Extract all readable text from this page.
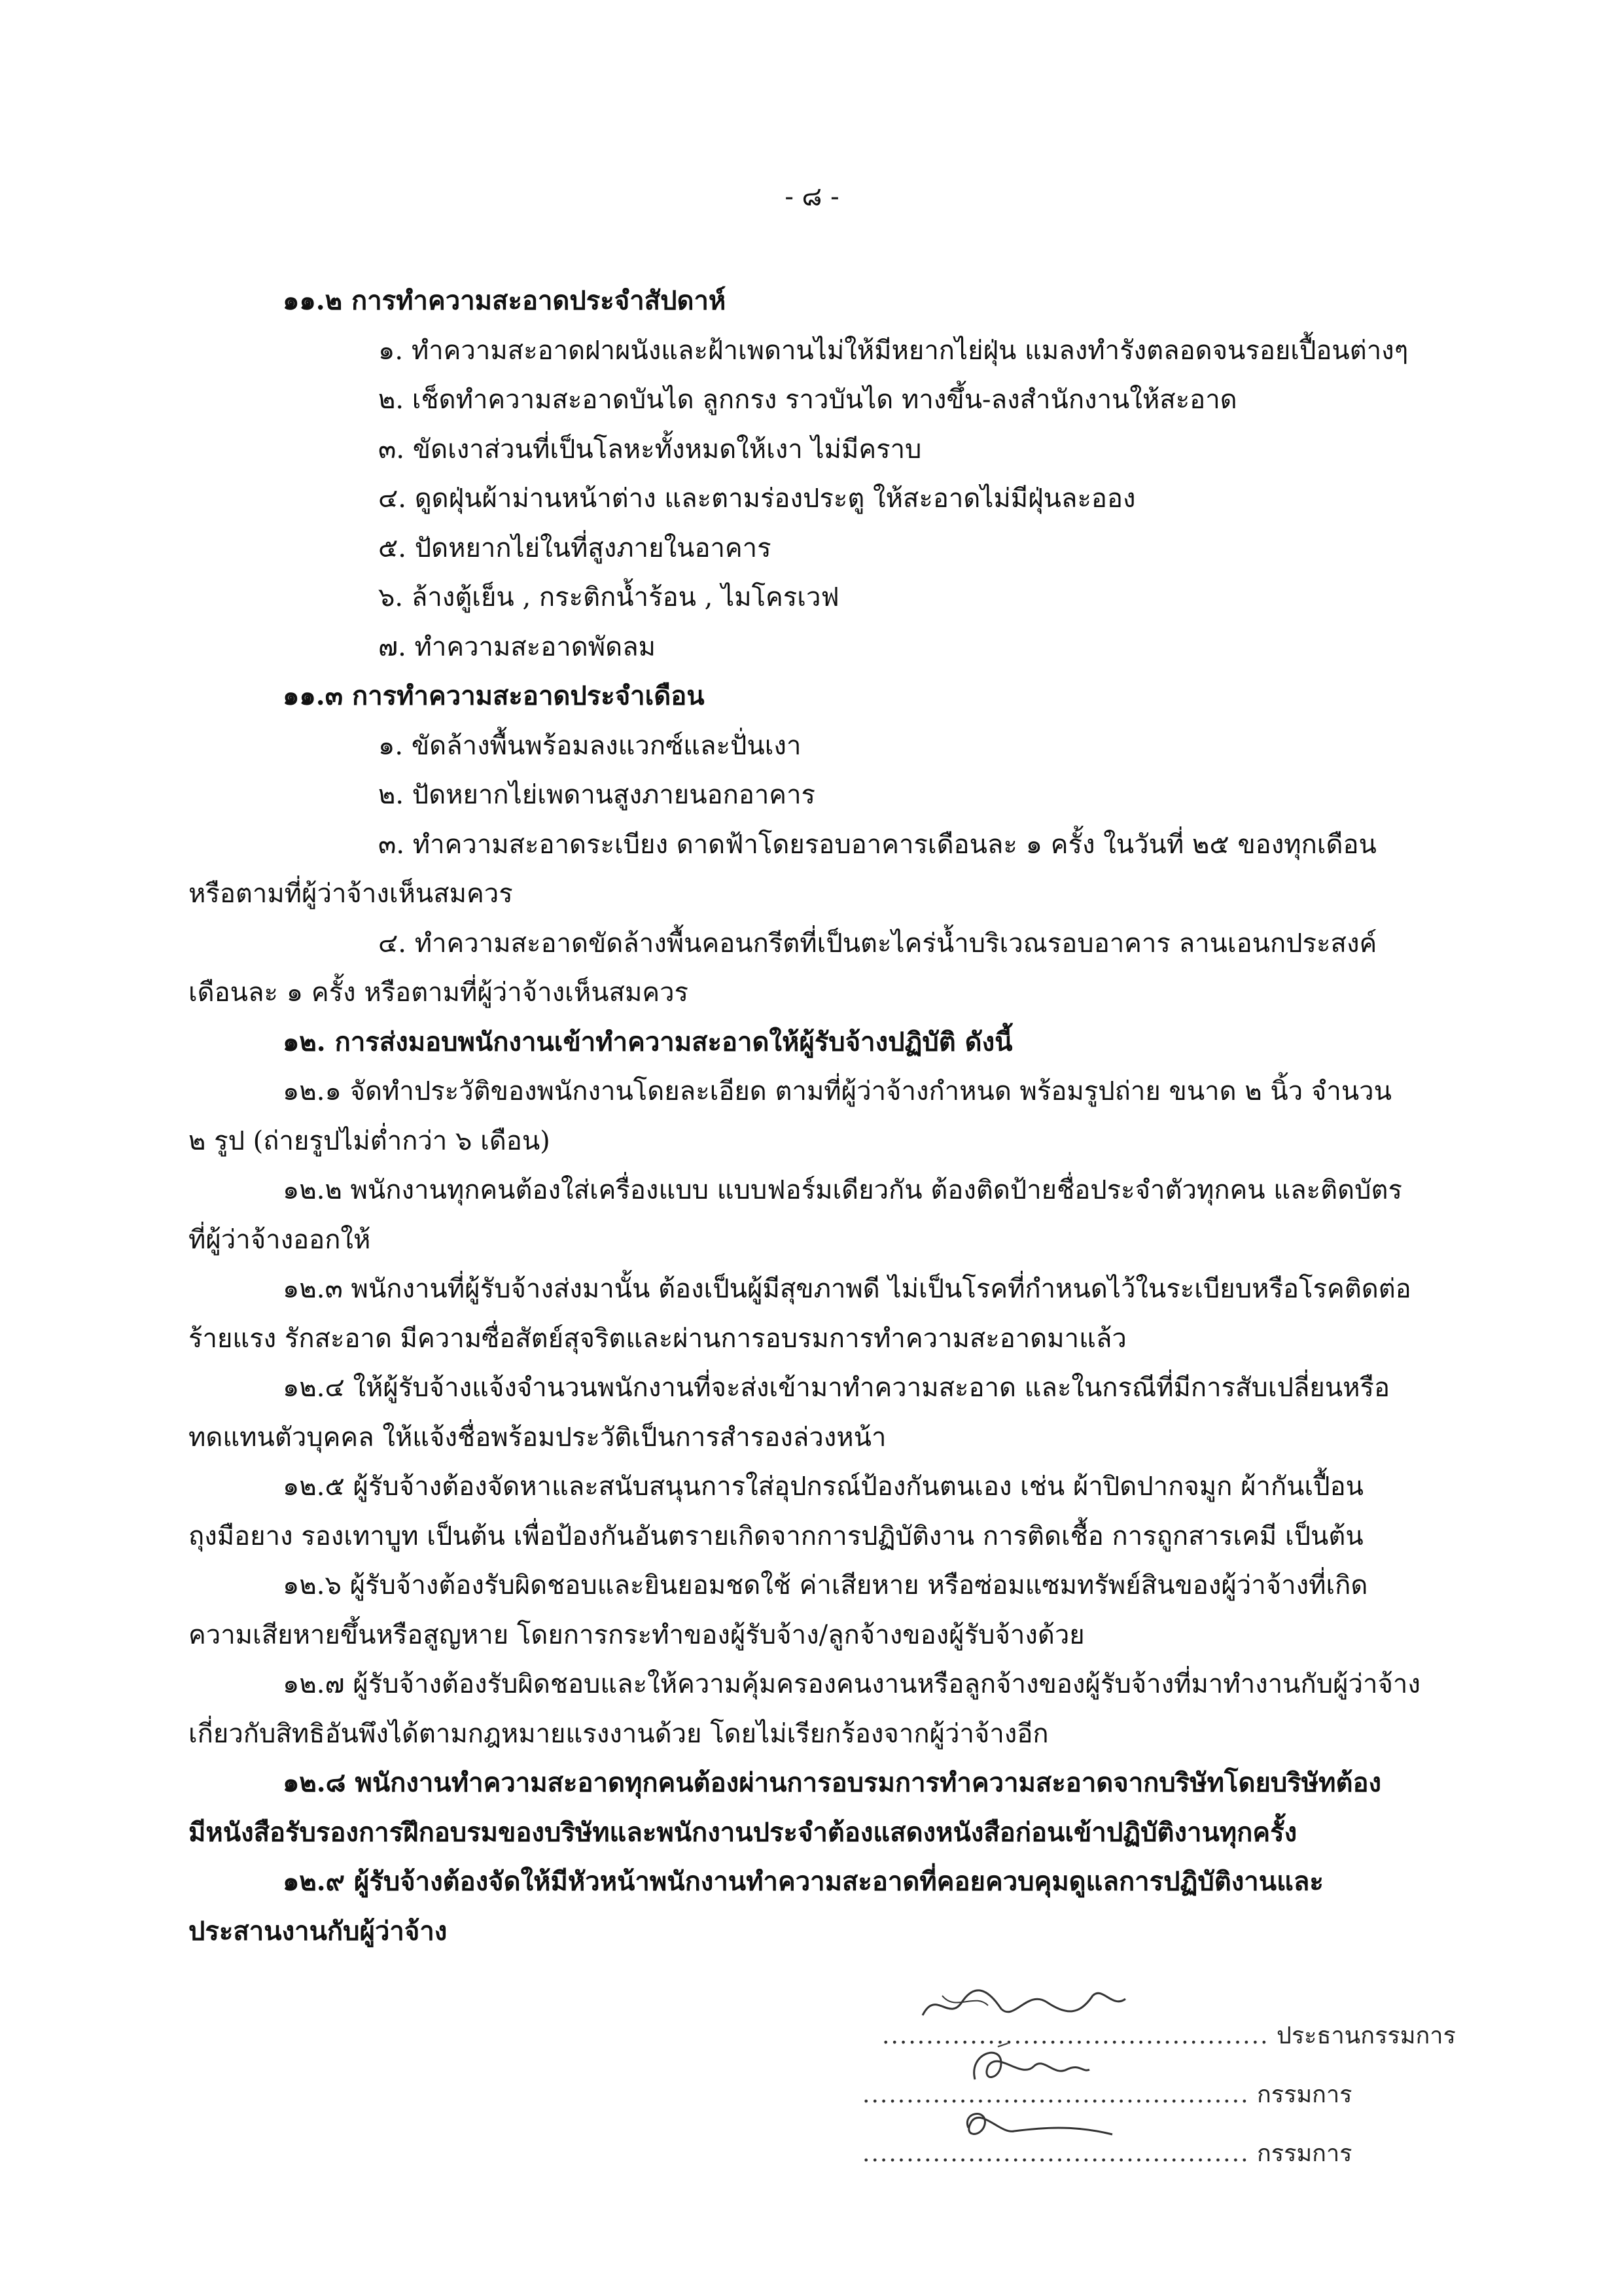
- ๘ -
๑๑.๒ การทำความสะอาดประจำสัปดาห์
๑. ทำความสะอาดฝาผนังและฝ้าเพดานไม่ให้มีหยากไย่ฝุ่น แมลงทำรังตลอดจนรอยเปื้อนต่างๆ
๒. เช็ดทำความสะอาดบันได ลูกกรง ราวบันได ทางขึ้น-ลงสำนักงานให้สะอาด
๓. ขัดเงาส่วนที่เป็นโลหะทั้งหมดให้เงา ไม่มีคราบ
๔. ดูดฝุ่นผ้าม่านหน้าต่าง และตามร่องประตู ให้สะอาดไม่มีฝุ่นละออง
๕. ปัดหยากไย่ในที่สูงภายในอาคาร
๖. ล้างตู้เย็น , กระติกน้ำร้อน , ไมโครเวฟ
๗. ทำความสะอาดพัดลม
๑๑.๓ การทำความสะอาดประจำเดือน
๑. ขัดล้างพื้นพร้อมลงแวกซ์และปั่นเงา
๒. ปัดหยากไย่เพดานสูงภายนอกอาคาร
๓. ทำความสะอาดระเบียง ดาดฟ้าโดยรอบอาคารเดือนละ ๑ ครั้ง ในวันที่ ๒๕ ของทุกเดือน
หรือตามที่ผู้ว่าจ้างเห็นสมควร
๔. ทำความสะอาดขัดล้างพื้นคอนกรีตที่เป็นตะไคร่น้ำบริเวณรอบอาคาร ลานเอนกประสงค์
เดือนละ ๑ ครั้ง หรือตามที่ผู้ว่าจ้างเห็นสมควร
๑๒. การส่งมอบพนักงานเข้าทำความสะอาดให้ผู้รับจ้างปฏิบัติ ดังนี้
๑๒.๑ จัดทำประวัติของพนักงานโดยละเอียด ตามที่ผู้ว่าจ้างกำหนด พร้อมรูปถ่าย ขนาด ๒ นิ้ว จำนวน
๒ รูป (ถ่ายรูปไม่ต่ำกว่า ๖ เดือน)
๑๒.๒ พนักงานทุกคนต้องใส่เครื่องแบบ แบบฟอร์มเดียวกัน ต้องติดป้ายชื่อประจำตัวทุกคน และติดบัตร
ที่ผู้ว่าจ้างออกให้
๑๒.๓ พนักงานที่ผู้รับจ้างส่งมานั้น ต้องเป็นผู้มีสุขภาพดี ไม่เป็นโรคที่กำหนดไว้ในระเบียบหรือโรคติดต่อ
ร้ายแรง รักสะอาด มีความซื่อสัตย์สุจริตและผ่านการอบรมการทำความสะอาดมาแล้ว
๑๒.๔ ให้ผู้รับจ้างแจ้งจำนวนพนักงานที่จะส่งเข้ามาทำความสะอาด และในกรณีที่มีการสับเปลี่ยนหรือ
ทดแทนตัวบุคคล ให้แจ้งชื่อพร้อมประวัติเป็นการสำรองล่วงหน้า
๑๒.๕ ผู้รับจ้างต้องจัดหาและสนับสนุนการใส่อุปกรณ์ป้องกันตนเอง เช่น ผ้าปิดปากจมูก ผ้ากันเปื้อน
ถุงมือยาง รองเทาบูท เป็นต้น เพื่อป้องกันอันตรายเกิดจากการปฏิบัติงาน การติดเชื้อ การถูกสารเคมี เป็นต้น
๑๒.๖ ผู้รับจ้างต้องรับผิดชอบและยินยอมชดใช้ ค่าเสียหาย หรือซ่อมแซมทรัพย์สินของผู้ว่าจ้างที่เกิด
ความเสียหายขึ้นหรือสูญหาย โดยการกระทำของผู้รับจ้าง/ลูกจ้างของผู้รับจ้างด้วย
๑๒.๗ ผู้รับจ้างต้องรับผิดชอบและให้ความคุ้มครองคนงานหรือลูกจ้างของผู้รับจ้างที่มาทำงานกับผู้ว่าจ้าง
เกี่ยวกับสิทธิอันพึงได้ตามกฎหมายแรงงานด้วย โดยไม่เรียกร้องจากผู้ว่าจ้างอีก
๑๒.๘ พนักงานทำความสะอาดทุกคนต้องผ่านการอบรมการทำความสะอาดจากบริษัทโดยบริษัทต้อง
มีหนังสือรับรองการฝึกอบรมของบริษัทและพนักงานประจำต้องแสดงหนังสือก่อนเข้าปฏิบัติงานทุกครั้ง
๑๒.๙ ผู้รับจ้างต้องจัดให้มีหัวหน้าพนักงานทำความสะอาดที่คอยควบคุมดูแลการปฏิบัติงานและ
ประสานงานกับผู้ว่าจ้าง
............................................ ประธานกรรมการ
............................................ กรรมการ
............................................ กรรมการ
